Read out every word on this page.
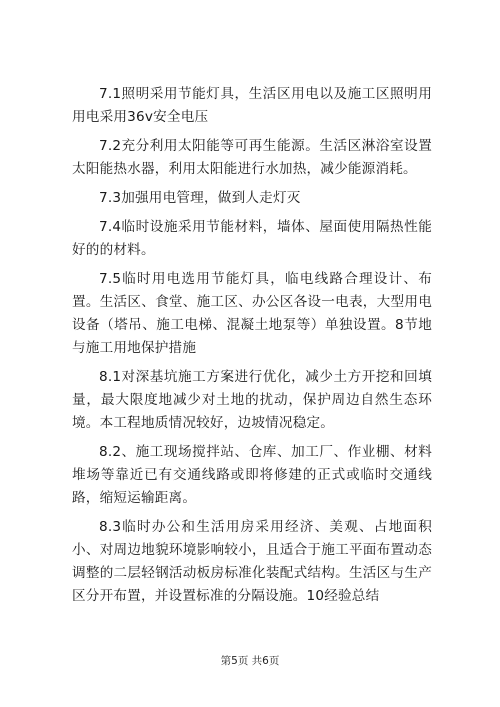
7.1照明采用节能灯具，生活区用电以及施工区照明用用电采用36v安全电压

7.2充分利用太阳能等可再生能源。生活区淋浴室设置太阳能热水器，利用太阳能进行水加热，减少能源消耗。

7.3加强用电管理，做到人走灯灭

7.4临时设施采用节能材料，墙体、屋面使用隔热性能好的的材料。

7.5临时用电选用节能灯具，临电线路合理设计、布置。生活区、食堂、施工区、办公区各设一电表，大型用电设备（塔吊、施工电梯、混凝土地泵等）单独设置。8节地与施工用地保护措施

8.1对深基坑施工方案进行优化，减少土方开挖和回填量，最大限度地减少对土地的扰动，保护周边自然生态环境。本工程地质情况较好，边坡情况稳定。

8.2、施工现场搅拌站、仓库、加工厂、作业棚、材料堆场等靠近已有交通线路或即将修建的正式或临时交通线路，缩短运输距离。

8.3临时办公和生活用房采用经济、美观、占地面积小、对周边地貌环境影响较小，且适合于施工平面布置动态调整的二层轻钢活动板房标准化装配式结构。生活区与生产区分开布置，并设置标准的分隔设施。10经验总结

第5页 共6页
